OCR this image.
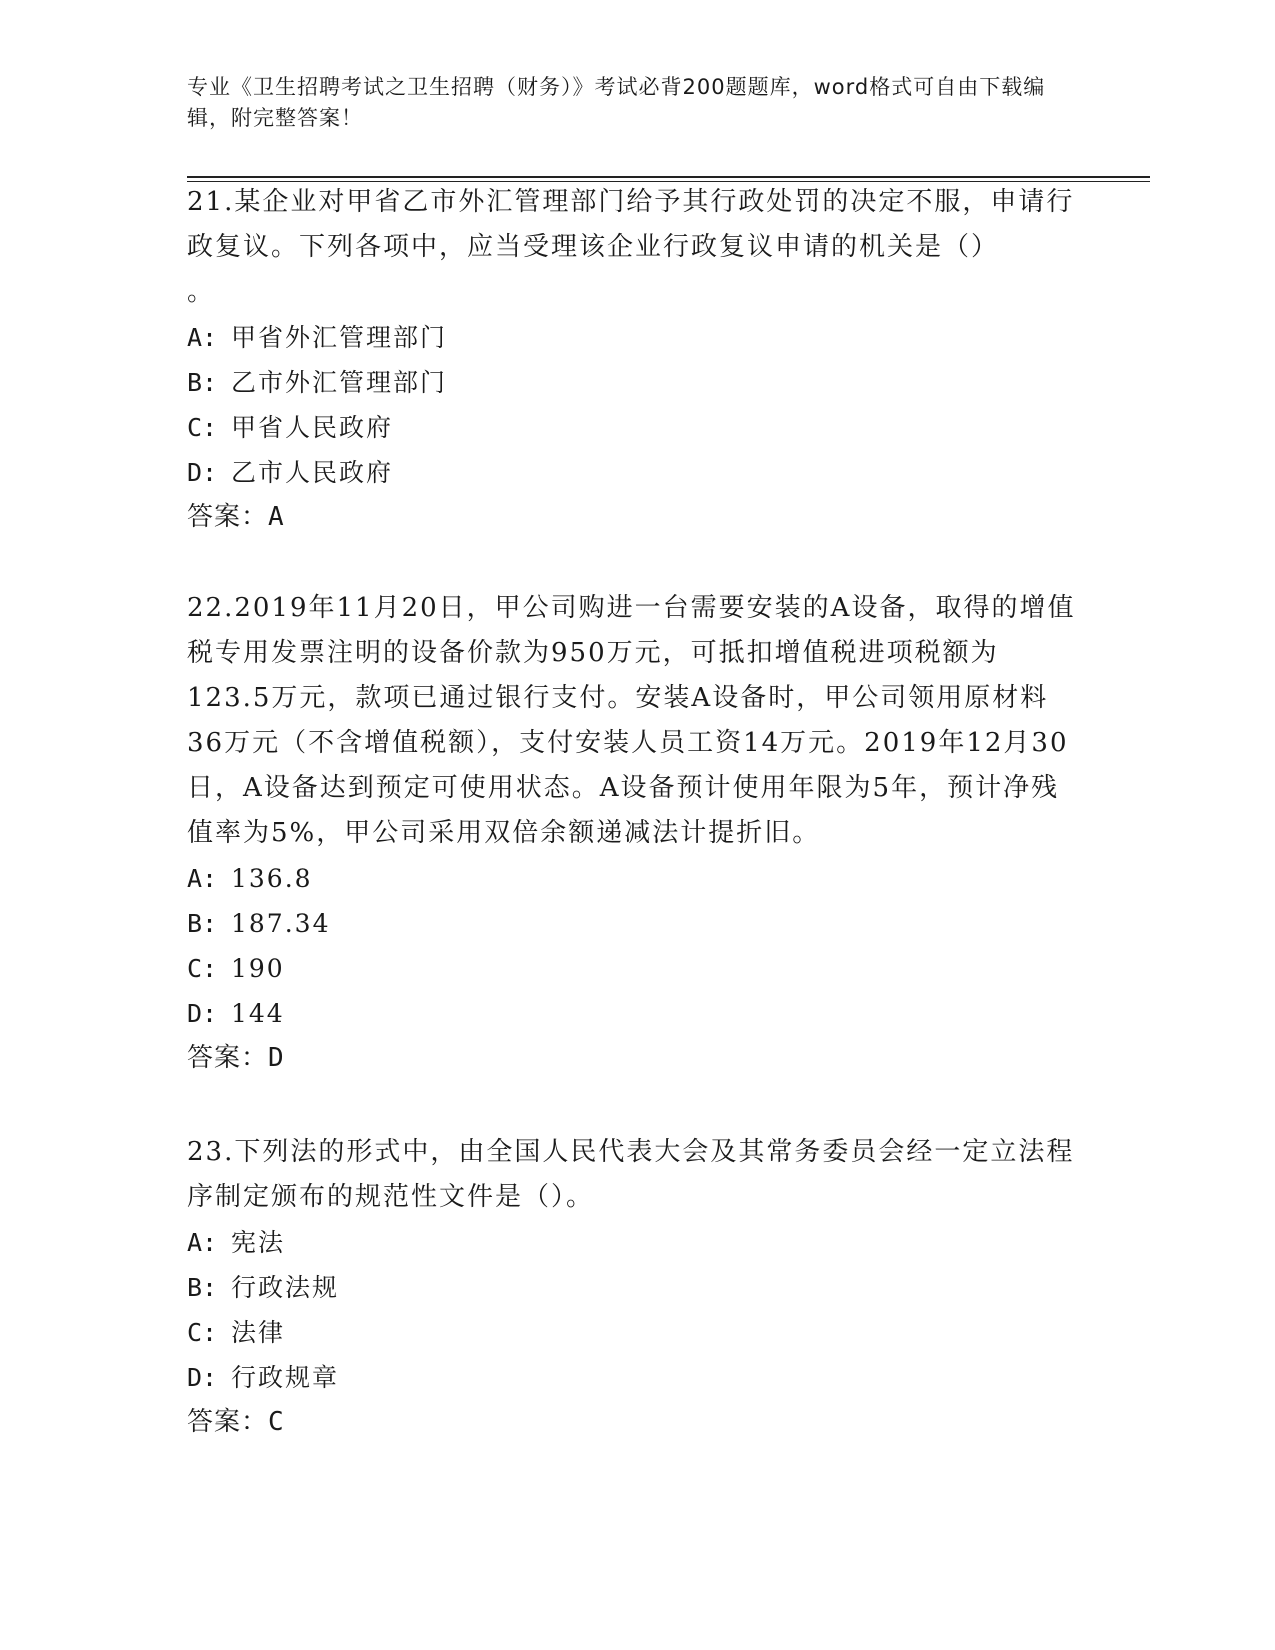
专业《卫生招聘考试之卫生招聘（财务）》考试必背200题题库，word格式可自由下载编辑，附完整答案！

21.某企业对甲省乙市外汇管理部门给予其行政处罚的决定不服，申请行政复议。下列各项中，应当受理该企业行政复议申请的机关是（）

。

A: 甲省外汇管理部门

B: 乙市外汇管理部门

C: 甲省人民政府

D: 乙市人民政府

答案：A

22.2019年11月20日，甲公司购进一台需要安装的A设备，取得的增值税专用发票注明的设备价款为950万元，可抵扣增值税进项税额为123.5万元，款项已通过银行支付。安装A设备时，甲公司领用原材料36万元（不含增值税额），支付安装人员工资14万元。2019年12月30日，A设备达到预定可使用状态。A设备预计使用年限为5年，预计净残值率为5%，甲公司采用双倍余额递减法计提折旧。

A: 136.8

B: 187.34

C: 190

D: 144

答案：D

23.下列法的形式中，由全国人民代表大会及其常务委员会经一定立法程序制定颁布的规范性文件是（）。

A: 宪法

B: 行政法规

C: 法律

D: 行政规章

答案：C
